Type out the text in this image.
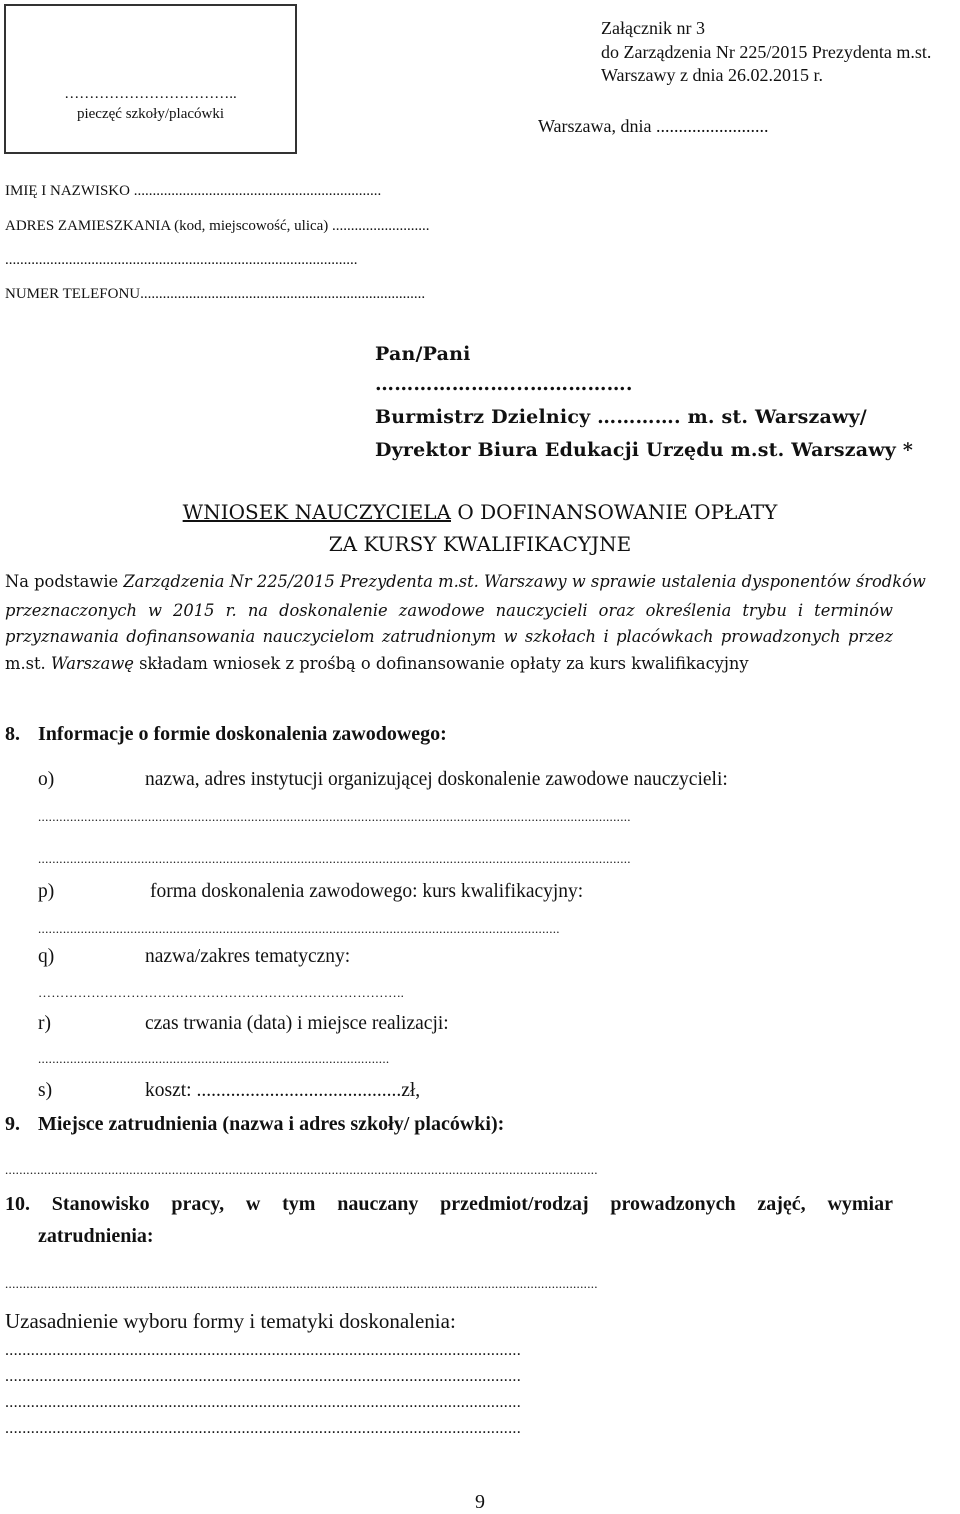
……………………………..
pieczęć szkoły/placówki
Załącznik nr 3
do Zarządzenia Nr 225/2015 Prezydenta m.st.
Warszawy z dnia 26.02.2015 r.
Warszawa, dnia .........................
IMIĘ I NAZWISKO ..................................................................
ADRES ZAMIESZKANIA (kod, miejscowość, ulica) ..........................
..............................................................................................
NUMER TELEFONU............................................................................
Pan/Pani
…………………...…………….
Burmistrz Dzielnicy …………. m. st. Warszawy/
Dyrektor Biura Edukacji Urzędu m.st. Warszawy *
WNIOSEK NAUCZYCIELA O DOFINANSOWANIE OPŁATY
ZA KURSY KWALIFIKACYJNE
Na podstawie Zarządzenia Nr 225/2015 Prezydenta m.st. Warszawy w sprawie ustalenia dysponentów środków
przeznaczonych w 2015 r. na doskonalenie zawodowe nauczycieli oraz określenia trybu i terminów
przyznawania dofinansowania nauczycielom zatrudnionym w szkołach i placówkach prowadzonych przez
m.st. Warszawę składam wniosek z prośbą o dofinansowanie opłaty za kurs kwalifikacyjny
8. Informacje o formie doskonalenia zawodowego:
o)	nazwa, adres instytucji organizującej doskonalenie zawodowe nauczycieli:
.......................................................................................................................................................................
.......................................................................................................................................................................
p)	forma doskonalenia zawodowego: kurs kwalifikacyjny:
...................................................................................................................................................
q)	nazwa/zakres tematyczny:
………………………………………………………………………..
r)	czas trwania (data) i miejsce realizacji:
...................................................................................................
s)	koszt: ..........................................zł,
9. Miejsce zatrudnienia (nazwa i adres szkoły/ placówki):
.......................................................................................................................................................................
10. Stanowisko pracy, w tym nauczany przedmiot/rodzaj prowadzonych zajęć, wymiar
zatrudnienia:
.......................................................................................................................................................................
Uzasadnienie wyboru formy i tematyki doskonalenia:
........................................................................................................................
........................................................................................................................
........................................................................................................................
........................................................................................................................
9
